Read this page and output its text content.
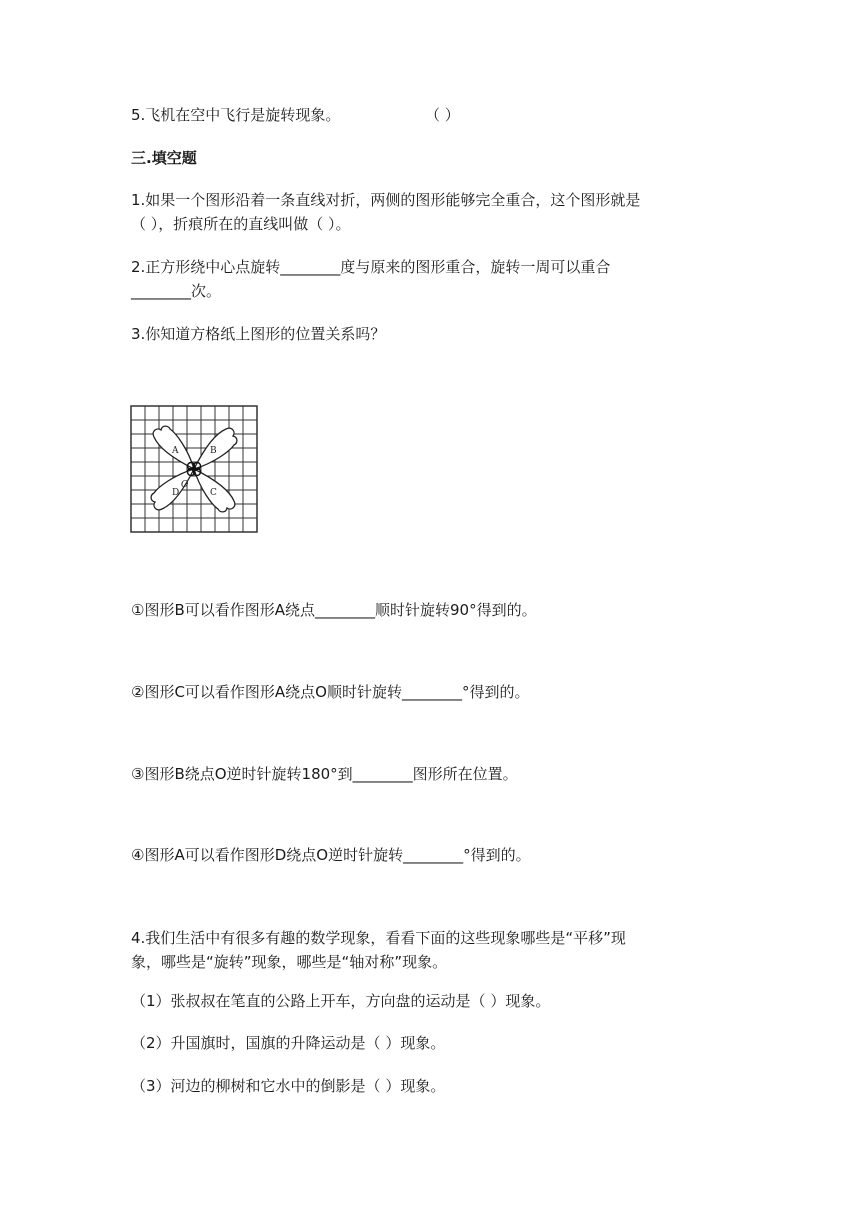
5.飞机在空中飞行是旋转现象。	（ ）
三.填空题
1.如果一个图形沿着一条直线对折，两侧的图形能够完全重合，这个图形就是
（ ），折痕所在的直线叫做（ ）。
2.正方形绕中心点旋转________度与原来的图形重合，旋转一周可以重合
________次。
3.你知道方格纸上图形的位置关系吗？
A	B
C
D
O
①图形B可以看作图形A绕点________顺时针旋转90°得到的。
②图形C可以看作图形A绕点O顺时针旋转________°得到的。
③图形B绕点O逆时针旋转180°到________图形所在位置。
④图形A可以看作图形D绕点O逆时针旋转________°得到的。
4.我们生活中有很多有趣的数学现象，看看下面的这些现象哪些是“平移”现
象，哪些是“旋转”现象，哪些是“轴对称”现象。
（1）张叔叔在笔直的公路上开车，方向盘的运动是（ ）现象。
（2）升国旗时，国旗的升降运动是（ ）现象。
（3）河边的柳树和它水中的倒影是（ ）现象。
